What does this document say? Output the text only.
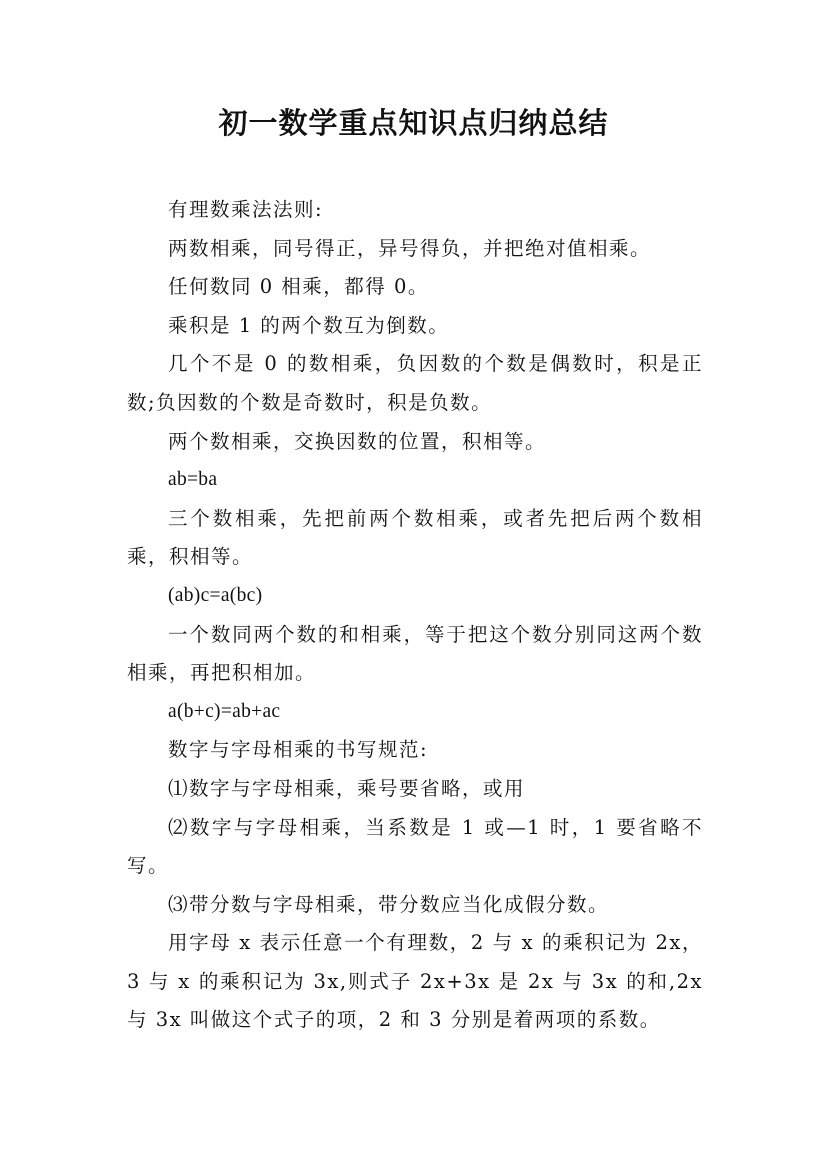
初一数学重点知识点归纳总结

有理数乘法法则:

两数相乘，同号得正，异号得负，并把绝对值相乘。

任何数同 0 相乘，都得 0。

乘积是 1 的两个数互为倒数。

几个不是 0 的数相乘，负因数的个数是偶数时，积是正数;负因数的个数是奇数时，积是负数。

两个数相乘，交换因数的位置，积相等。

ab=ba

三个数相乘，先把前两个数相乘，或者先把后两个数相乘，积相等。

(ab)c=a(bc)

一个数同两个数的和相乘，等于把这个数分别同这两个数相乘，再把积相加。

a(b+c)=ab+ac

数字与字母相乘的书写规范:

⑴数字与字母相乘，乘号要省略，或用

⑵数字与字母相乘，当系数是 1 或—1 时，1 要省略不写。

⑶带分数与字母相乘，带分数应当化成假分数。

用字母 x 表示任意一个有理数，2 与 x 的乘积记为 2x，3 与 x 的乘积记为 3x,则式子 2x+3x 是 2x 与 3x 的和,2x 与 3x 叫做这个式子的项，2 和 3 分别是着两项的系数。
